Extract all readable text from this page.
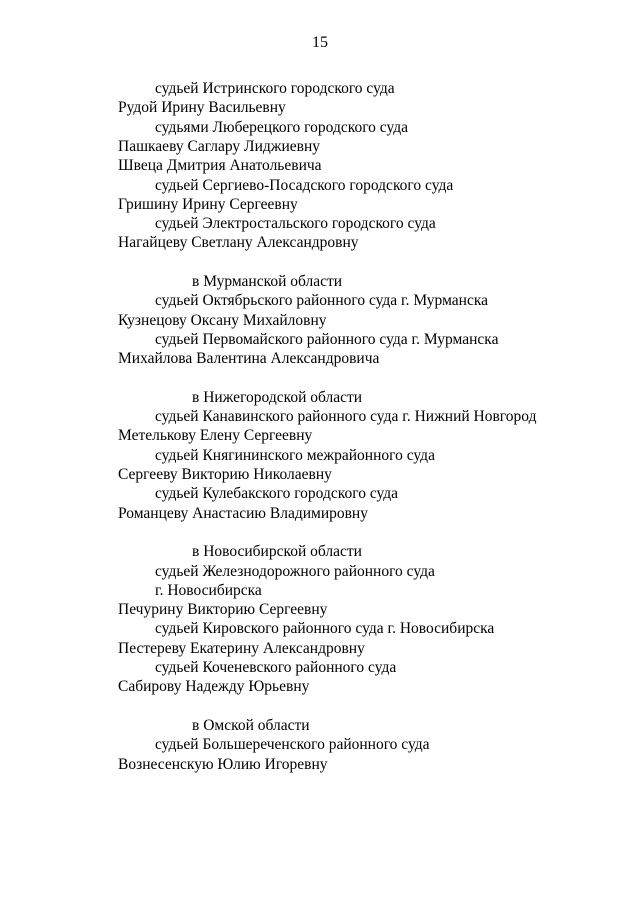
15
судьей Истринского городского суда
Рудой Ирину Васильевну
судьями Люберецкого городского суда
Пашкаеву Саглару Лиджиевну
Швеца Дмитрия Анатольевича
судьей Сергиево-Посадского городского суда
Гришину Ирину Сергеевну
судьей Электростальского городского суда
Нагайцеву Светлану Александровну
в Мурманской области
судьей Октябрьского районного суда г. Мурманска
Кузнецову Оксану Михайловну
судьей Первомайского районного суда г. Мурманска
Михайлова Валентина Александровича
в Нижегородской области
судьей Канавинского районного суда г. Нижний Новгород
Метелькову Елену Сергеевну
судьей Княгининского межрайонного суда
Сергееву Викторию Николаевну
судьей Кулебакского городского суда
Романцеву Анастасию Владимировну
в Новосибирской области
судьей Железнодорожного районного суда
г. Новосибирска
Печурину Викторию Сергеевну
судьей Кировского районного суда г. Новосибирска
Пестереву Екатерину Александровну
судьей Коченевского районного суда
Сабирову Надежду Юрьевну
в Омской области
судьей Большереченского районного суда
Вознесенскую Юлию Игоревну
